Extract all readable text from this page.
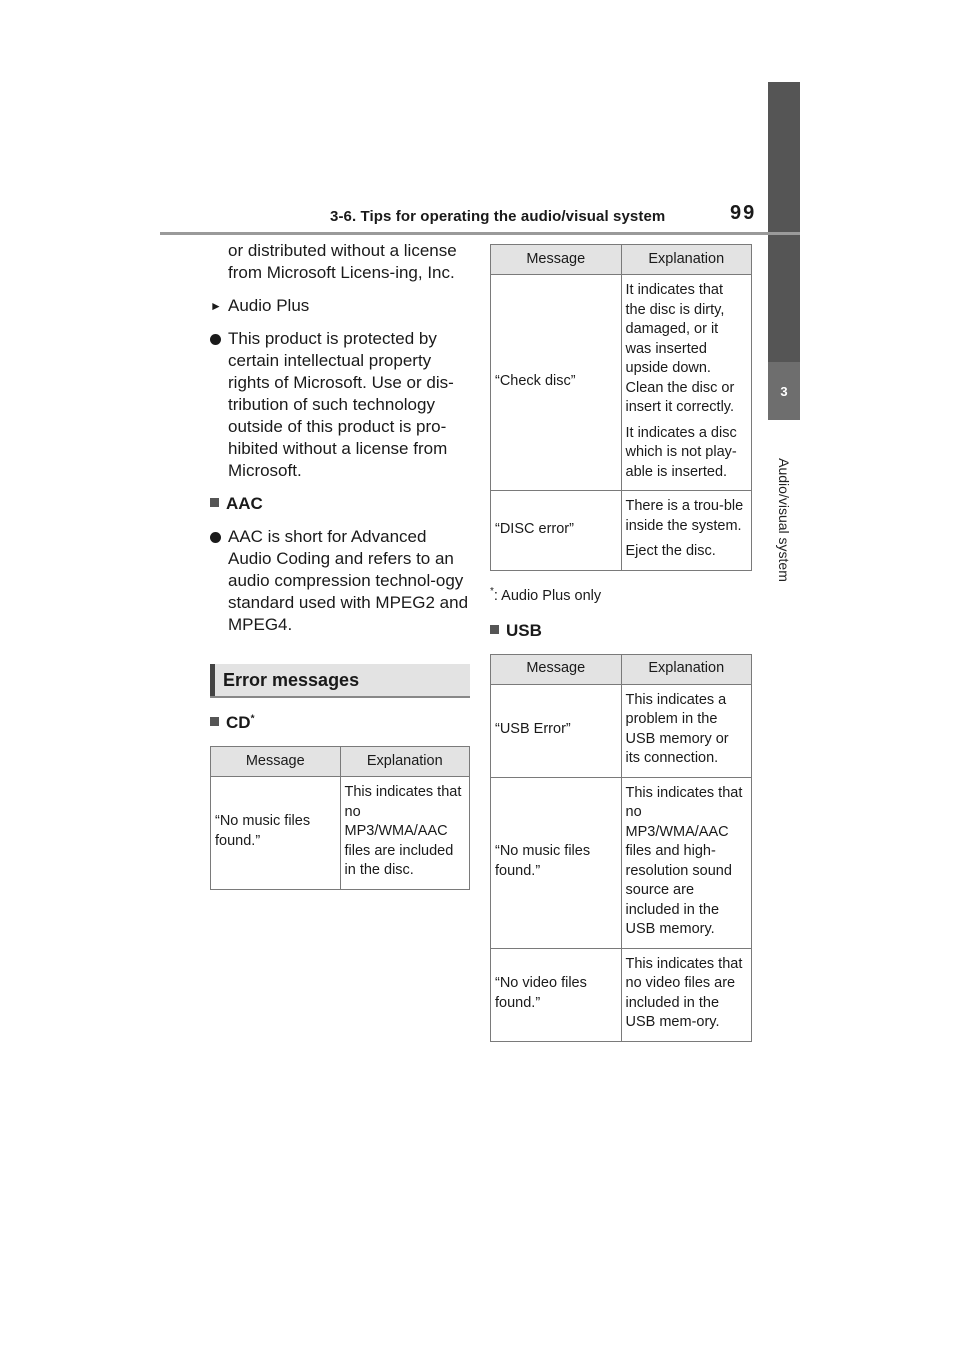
3
Audio/visual system
3-6. Tips for operating the audio/visual system	99

or distributed without a license from Microsoft Licens-ing, Inc.

► Audio Plus
This product is protected by certain intellectual property rights of Microsoft. Use or dis-tribution of such technology outside of this product is pro-hibited without a license from Microsoft.
AAC
AAC is short for Advanced Audio Coding and refers to an audio compression technol-ogy standard used with MPEG2 and MPEG4.
Error messages
CD*
Message	Explanation
“No music files found.”	This indicates that no MP3/WMA/AAC files are included in the disc.

Message	Explanation
“Check disc”	It indicates that the disc is dirty, damaged, or it was inserted upside down. Clean the disc or insert it correctly.

It indicates a disc which is not play-able is inserted.

“DISC error”	There is a trou-ble inside the system.

Eject the disc.

*: Audio Plus only
USB
Message	Explanation
“USB Error”	This indicates a problem in the USB memory or its connection.

“No music files found.”	This indicates that no MP3/WMA/AAC files and high-resolution sound source are included in the USB memory.

“No video files found.”	This indicates that no video files are included in the USB mem-ory.
